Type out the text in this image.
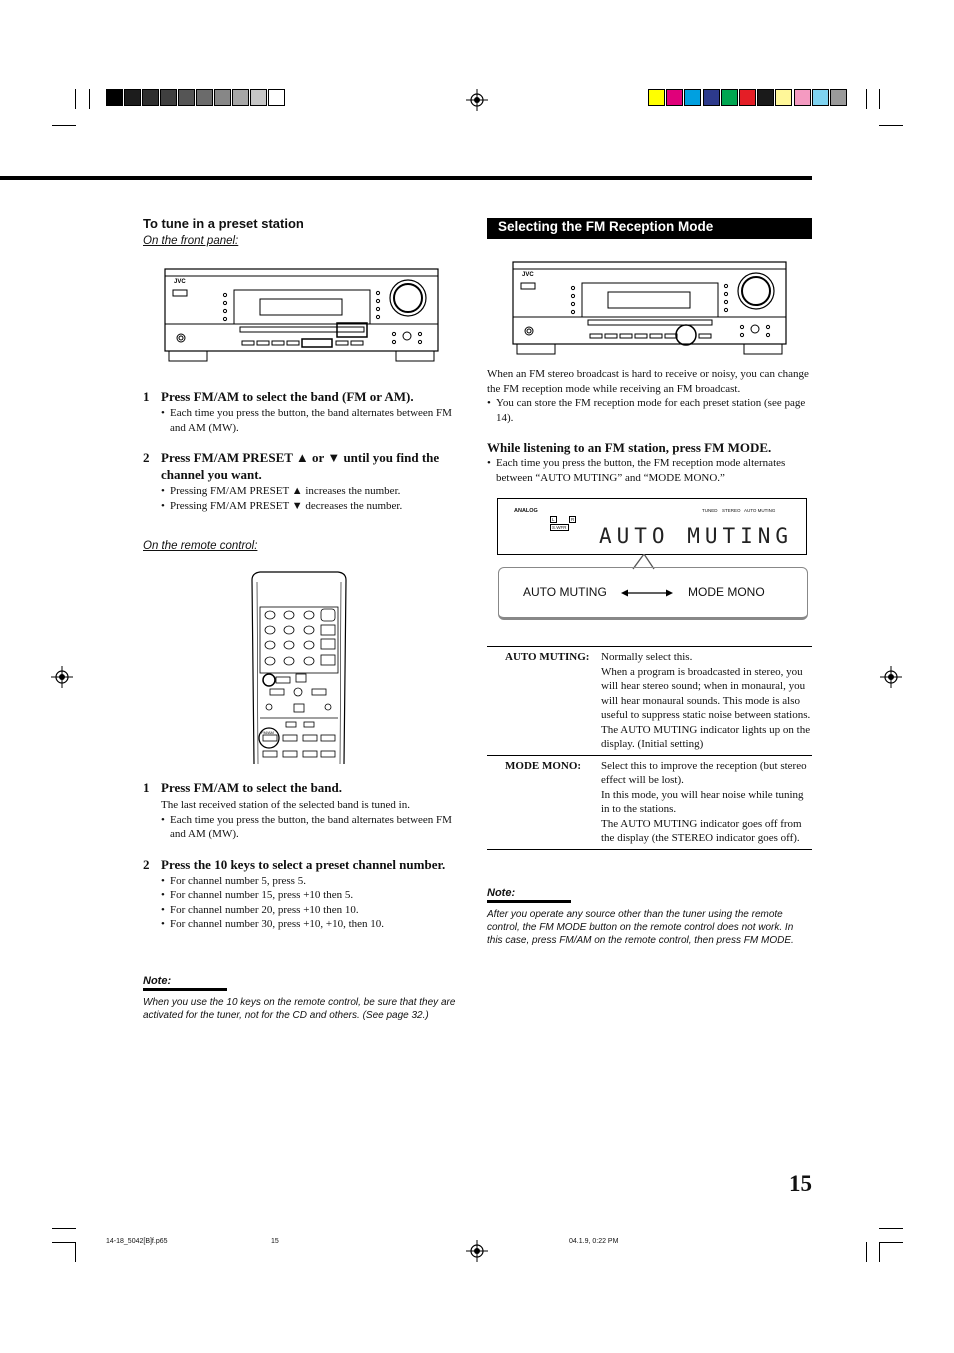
To tune in a preset station
On the front panel:
JVC
1 Press FM/AM to select the band (FM or AM).
• Each time you press the button, the band alternates between FM and AM (MW).
2 Press FM/AM PRESET ▲ or ▼ until you find the channel you want.
• Pressing FM/AM PRESET ▲ increases the number.
• Pressing FM/AM PRESET ▼ decreases the number.
On the remote control:
FM/AM
1 Press FM/AM to select the band.
The last received station of the selected band is tuned in.
• Each time you press the button, the band alternates between FM and AM (MW).
2 Press the 10 keys to select a preset channel number.
• For channel number 5, press 5.
• For channel number 15, press +10 then 5.
• For channel number 20, press +10 then 10.
• For channel number 30, press +10, +10, then 10.
Note:
When you use the 10 keys on the remote control, be sure that they are activated for the tuner, not for the CD and others. (See page 32.)
Selecting the FM Reception Mode
JVC
When an FM stereo broadcast is hard to receive or noisy, you can change the FM reception mode while receiving an FM broadcast.
• You can store the FM reception mode for each preset station (see page 14).
While listening to an FM station, press FM MODE.
• Each time you press the button, the FM reception mode alternates between “AUTO MUTING” and “MODE MONO.”
ANALOG
L	R
S.WFR
TUNED STEREO AUTO MUTING
AUTO MUTING
AUTO MUTING	MODE MONO
AUTO MUTING:	Normally select this.
When a program is broadcasted in stereo, you will hear stereo sound; when in monaural, you will hear monaural sounds. This mode is also useful to suppress static noise between stations.
The AUTO MUTING indicator lights up on the display. (Initial setting)
MODE MONO:	Select this to improve the reception (but stereo effect will be lost).
In this mode, you will hear noise while tuning in to the stations.
The AUTO MUTING indicator goes off from the display (the STEREO indicator goes off).
Note:
After you operate any source other than the tuner using the remote control, the FM MODE button on the remote control does not work. In this case, press FM/AM on the remote control, then press FM MODE.
15
14-18_5042[B]f.p65	15	04.1.9, 0:22 PM
